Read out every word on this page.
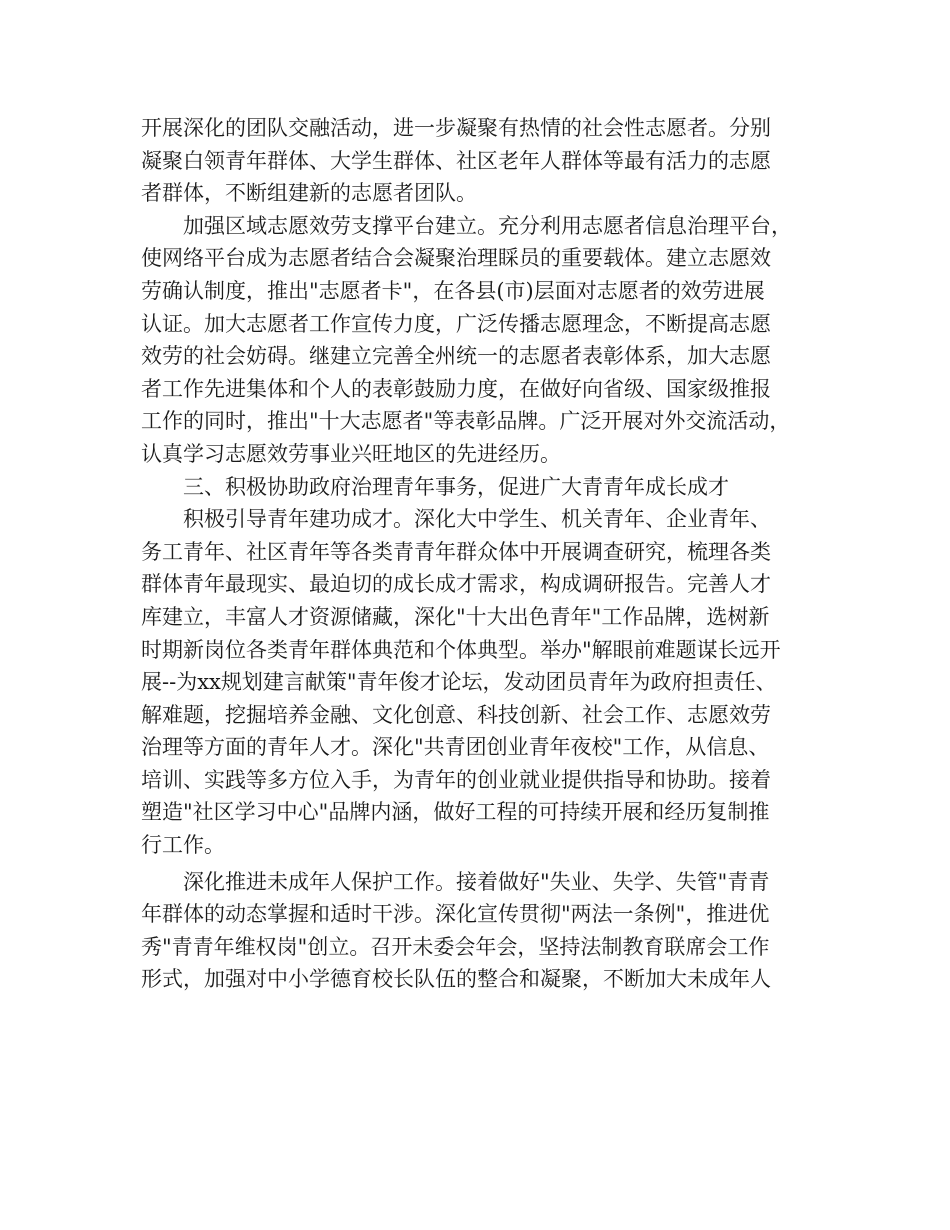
开展深化的团队交融活动，进一步凝聚有热情的社会性志愿者。分别
凝聚白领青年群体、大学生群体、社区老年人群体等最有活力的志愿
者群体，不断组建新的志愿者团队。
加强区域志愿效劳支撑平台建立。充分利用志愿者信息治理平台，
使网络平台成为志愿者结合会凝聚治理睬员的重要载体。建立志愿效
劳确认制度，推出"志愿者卡"，在各县(市)层面对志愿者的效劳进展
认证。加大志愿者工作宣传力度，广泛传播志愿理念，不断提高志愿
效劳的社会妨碍。继建立完善全州统一的志愿者表彰体系，加大志愿
者工作先进集体和个人的表彰鼓励力度，在做好向省级、国家级推报
工作的同时，推出"十大志愿者"等表彰品牌。广泛开展对外交流活动，
认真学习志愿效劳事业兴旺地区的先进经历。
三、积极协助政府治理青年事务，促进广大青青年成长成才
积极引导青年建功成才。深化大中学生、机关青年、企业青年、
务工青年、社区青年等各类青青年群众体中开展调查研究，梳理各类
群体青年最现实、最迫切的成长成才需求，构成调研报告。完善人才
库建立，丰富人才资源储藏，深化"十大出色青年"工作品牌，选树新
时期新岗位各类青年群体典范和个体典型。举办"解眼前难题谋长远开
展--为xx规划建言献策"青年俊才论坛，发动团员青年为政府担责任、
解难题，挖掘培养金融、文化创意、科技创新、社会工作、志愿效劳
治理等方面的青年人才。深化"共青团创业青年夜校"工作，从信息、
培训、实践等多方位入手，为青年的创业就业提供指导和协助。接着
塑造"社区学习中心"品牌内涵，做好工程的可持续开展和经历复制推
行工作。
深化推进未成年人保护工作。接着做好"失业、失学、失管"青青
年群体的动态掌握和适时干涉。深化宣传贯彻"两法一条例"，推进优
秀"青青年维权岗"创立。召开未委会年会，坚持法制教育联席会工作
形式，加强对中小学德育校长队伍的整合和凝聚，不断加大未成年人
